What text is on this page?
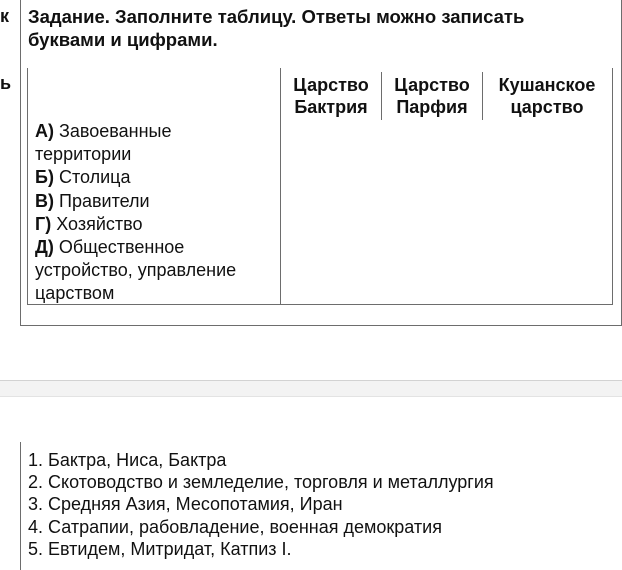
к
ь
Задание. Заполните таблицу. Ответы можно записать
буквами и цифрами.
Царство
Бактрия
Царство
Парфия
Кушанское
царство
А) Завоеванные
территории
Б) Столица
В) Правители
Г) Хозяйство
Д) Общественное
устройство, управление
царством
1. Бактра, Ниса, Бактра
2. Скотоводство и земледелие, торговля и металлургия
3. Средняя Азия, Месопотамия, Иран
4. Сатрапии, рабовладение, военная демократия
5. Евтидем, Митридат, Катпиз I.
